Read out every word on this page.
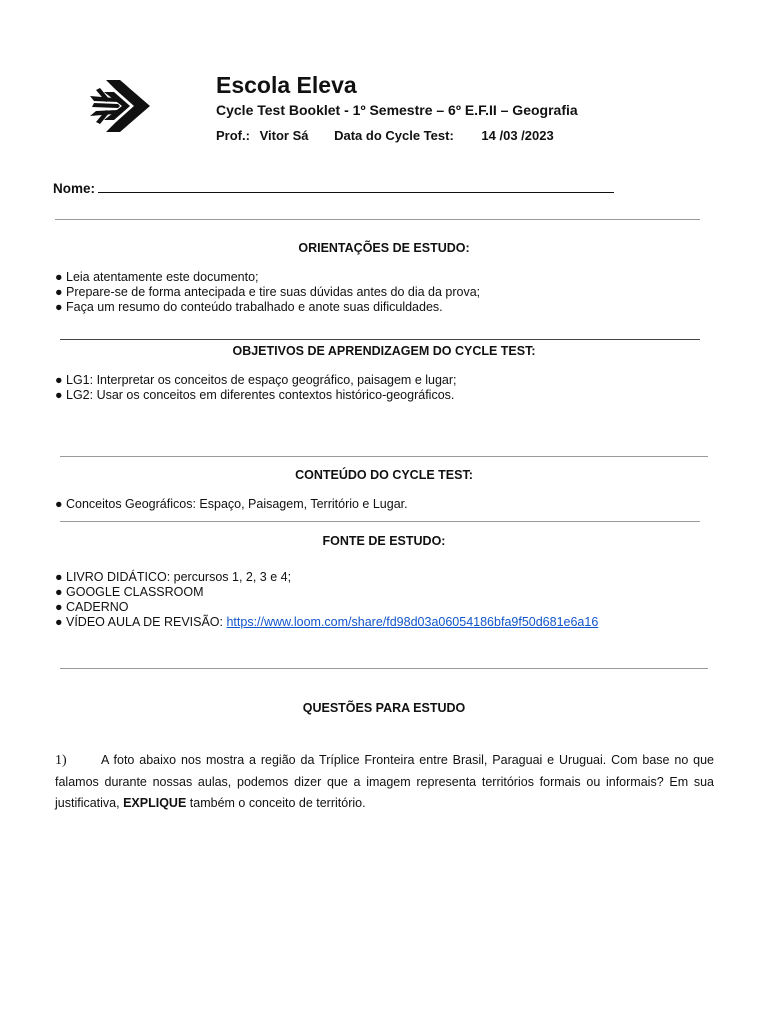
Escola Eleva
Cycle Test Booklet - 1º Semestre – 6º E.F.II – Geografia
Prof.: Vitor Sá Data do Cycle Test: 14 /03 /2023
Nome:
ORIENTAÇÕES DE ESTUDO:
● Leia atentamente este documento;
● Prepare-se de forma antecipada e tire suas dúvidas antes do dia da prova;
● Faça um resumo do conteúdo trabalhado e anote suas dificuldades.
OBJETIVOS DE APRENDIZAGEM DO CYCLE TEST:
● LG1: Interpretar os conceitos de espaço geográfico, paisagem e lugar;
● LG2: Usar os conceitos em diferentes contextos histórico-geográficos.
CONTEÚDO DO CYCLE TEST:
● Conceitos Geográficos: Espaço, Paisagem, Território e Lugar.
FONTE DE ESTUDO:
● LIVRO DIDÁTICO: percursos 1, 2, 3 e 4;
● GOOGLE CLASSROOM
● CADERNO
● VÍDEO AULA DE REVISÃO: https://www.loom.com/share/fd98d03a06054186bfa9f50d681e6a16
QUESTÕES PARA ESTUDO
1)	A foto abaixo nos mostra a região da Tríplice Fronteira entre Brasil, Paraguai e Uruguai. Com base no que falamos durante nossas aulas, podemos dizer que a imagem representa territórios formais ou informais? Em sua justificativa, EXPLIQUE também o conceito de território.
